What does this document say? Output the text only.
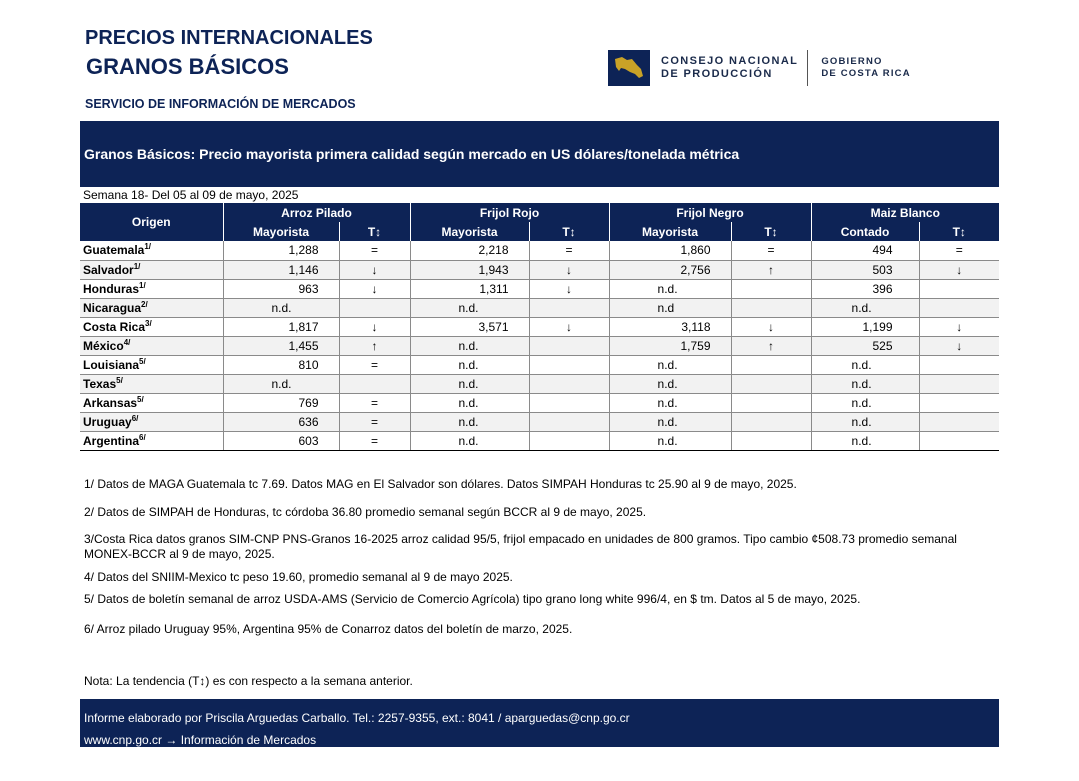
PRECIOS INTERNACIONALES
GRANOS BÁSICOS
SERVICIO DE INFORMACIÓN DE MERCADOS
CONSEJO NACIONAL
DE PRODUCCIÓN
GOBIERNO
DE COSTA RICA
Granos Básicos: Precio mayorista primera calidad según mercado en US dólares/tonelada métrica
Semana 18- Del 05 al 09 de mayo, 2025
Origen	Arroz Pilado		Frijol Rojo		Frijol Negro		Maiz Blanco	
	Mayorista	T↕	Mayorista	T↕	Mayorista	T↕	Contado	T↕
Guatemala$^{1/}$	1,288	=	2,218	=	1,860	=	494	=
Salvador$^{1/}$	1,146	↓	1,943	↓	2,756	↑	503	↓
Honduras$^{1/}$	963	↓	1,311	↓	n.d.		396	
Nicaragua$^{2/}$	n.d.		n.d.		n.d		n.d.	
Costa Rica$^{3/}$	1,817	↓	3,571	↓	3,118	↓	1,199	↓
México$^{4/}$	1,455	↑	n.d.		1,759	↑	525	↓
Louisiana$^{5/}$	810	=	n.d.		n.d.		n.d.	
Texas$^{5/}$	n.d.		n.d.		n.d.		n.d.	
Arkansas$^{5/}$	769	=	n.d.		n.d.		n.d.	
Uruguay$^{6/}$	636	=	n.d.		n.d.		n.d.	
Argentina$^{6/}$	603	=	n.d.		n.d.		n.d.	
1/ Datos de MAGA Guatemala tc 7.69. Datos MAG en El Salvador son dólares. Datos SIMPAH Honduras tc 25.90 al 9 de mayo, 2025.
2/ Datos de SIMPAH de Honduras, tc córdoba 36.80 promedio semanal según BCCR al 9 de mayo, 2025.
3/Costa Rica datos granos SIM-CNP PNS-Granos 16-2025 arroz calidad 95/5, frijol empacado en unidades de 800 gramos. Tipo cambio ¢508.73 promedio semanal MONEX-BCCR al 9 de mayo, 2025.
4/ Datos del SNIIM-Mexico tc peso 19.60, promedio semanal al 9 de mayo 2025.
5/ Datos de boletín semanal de arroz USDA-AMS (Servicio de Comercio Agrícola) tipo grano long white 996/4, en $ tm. Datos al 5 de mayo, 2025.
6/ Arroz pilado Uruguay 95%, Argentina 95% de Conarroz datos del boletín de marzo, 2025.
Nota: La tendencia (T↕) es con respecto a la semana anterior.
Informe elaborado por Priscila Arguedas Carballo. Tel.: 2257-9355, ext.: 8041 / aparguedas@cnp.go.cr
www.cnp.go.cr → Información de Mercados
